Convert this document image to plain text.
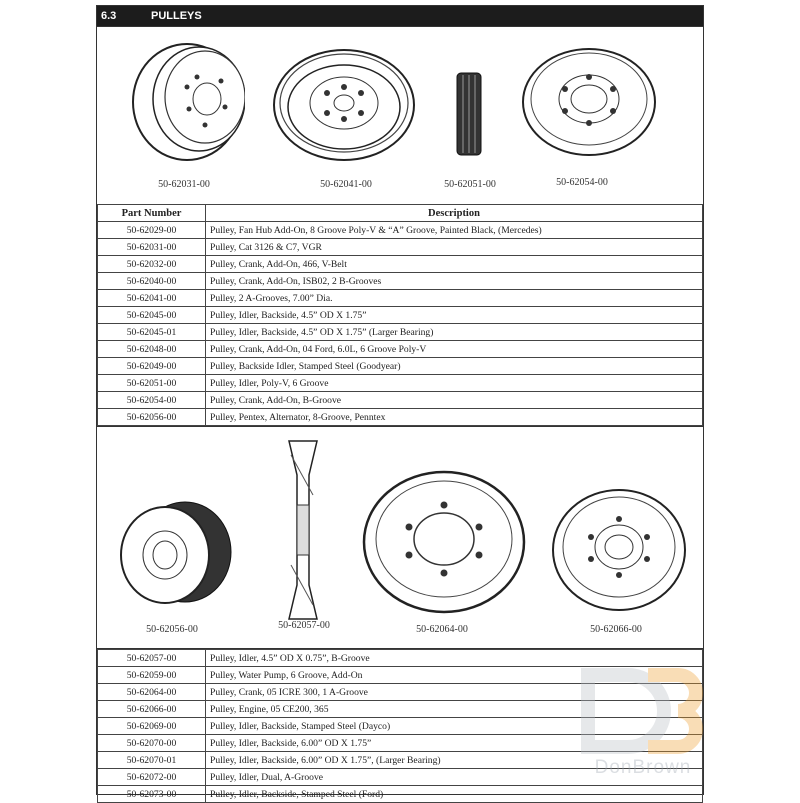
6.3	PULLEYS
50-62031-00	50-62041-00	50-62051-00	50-62054-00
Part Number	Description
50-62029-00	Pulley, Fan Hub Add-On, 8 Groove Poly-V & “A” Groove, Painted Black, (Mercedes)
50-62031-00	Pulley, Cat 3126 & C7, VGR
50-62032-00	Pulley, Crank, Add-On, 466, V-Belt
50-62040-00	Pulley, Crank, Add-On, ISB02, 2 B-Grooves
50-62041-00	Pulley, 2 A-Grooves, 7.00” Dia.
50-62045-00	Pulley, Idler, Backside, 4.5” OD X 1.75”
50-62045-01	Pulley, Idler, Backside, 4.5” OD X 1.75” (Larger Bearing)
50-62048-00	Pulley, Crank, Add-On, 04 Ford, 6.0L, 6 Groove Poly-V
50-62049-00	Pulley, Backside Idler, Stamped Steel (Goodyear)
50-62051-00	Pulley, Idler, Poly-V, 6 Groove
50-62054-00	Pulley, Crank, Add-On, B-Groove
50-62056-00	Pulley, Pentex, Alternator, 8-Groove, Penntex
50-62056-00	50-62057-00	50-62064-00	50-62066-00
50-62057-00	Pulley, Idler, 4.5” OD X 0.75”, B-Groove
50-62059-00	Pulley, Water Pump, 6 Groove, Add-On
50-62064-00	Pulley, Crank, 05 ICRE 300, 1 A-Groove
50-62066-00	Pulley, Engine, 05 CE200, 365
50-62069-00	Pulley, Idler, Backside, Stamped Steel (Dayco)
50-62070-00	Pulley, Idler, Backside, 6.00” OD X 1.75”
50-62070-01	Pulley, Idler, Backside, 6.00” OD X 1.75”, (Larger Bearing)
50-62072-00	Pulley, Idler, Dual, A-Groove
50-62073-00	Pulley, Idler, Backside, Stamped Steel (Ford)
DonBrown
